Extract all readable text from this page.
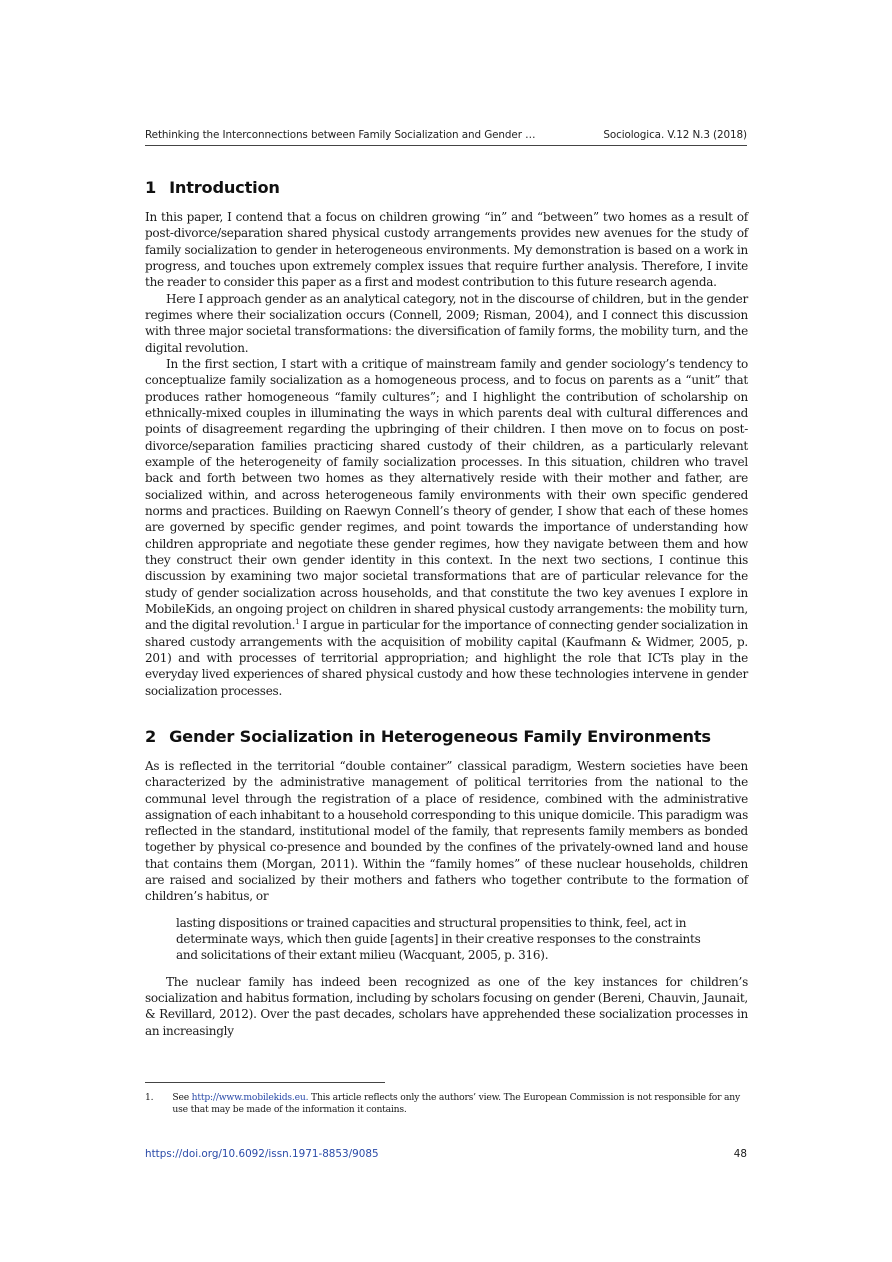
Rethinking the Interconnections between Family Socialization and Gender …	Sociologica. V.12 N.3 (2018)
1 Introduction

In this paper, I contend that a focus on children growing “in” and “between” two homes as a result of post-divorce/separation shared physical custody arrangements provides new avenues for the study of family socialization to gender in heterogeneous environments. My demonstration is based on a work in progress, and touches upon extremely complex issues that require further analysis. Therefore, I invite the reader to consider this paper as a first and modest contribution to this future research agenda.

Here I approach gender as an analytical category, not in the discourse of children, but in the gender regimes where their socialization occurs (Connell, 2009; Risman, 2004), and I connect this discussion with three major societal transformations: the diversification of family forms, the mobility turn, and the digital revolution.

In the first section, I start with a critique of mainstream family and gender sociology’s tendency to conceptualize family socialization as a homogeneous process, and to focus on parents as a “unit” that produces rather homogeneous “family cultures”; and I highlight the contribution of scholarship on ethnically-mixed couples in illuminating the ways in which parents deal with cultural differences and points of disagreement regarding the upbringing of their children. I then move on to focus on post-divorce/separation families practicing shared custody of their children, as a particularly relevant example of the heterogeneity of family socialization processes. In this situation, children who travel back and forth between two homes as they alternatively reside with their mother and father, are socialized within, and across heterogeneous family environments with their own specific gendered norms and practices. Building on Raewyn Connell’s theory of gender, I show that each of these homes are governed by specific gender regimes, and point towards the importance of understanding how children appropriate and negotiate these gender regimes, how they navigate between them and how they construct their own gender identity in this context. In the next two sections, I continue this discussion by examining two major societal transformations that are of particular relevance for the study of gender socialization across households, and that constitute the two key avenues I explore in MobileKids, an ongoing project on children in shared physical custody arrangements: the mobility turn, and the digital revolution.$^1$ I argue in particular for the importance of connecting gender socialization in shared custody arrangements with the acquisition of mobility capital (Kaufmann & Widmer, 2005, p. 201) and with processes of territorial appropriation; and highlight the role that ICTs play in the everyday lived experiences of shared physical custody and how these technologies intervene in gender socialization processes.

2 Gender Socialization in Heterogeneous Family Environments

As is reflected in the territorial “double container” classical paradigm, Western societies have been characterized by the administrative management of political territories from the national to the communal level through the registration of a place of residence, combined with the administrative assignation of each inhabitant to a household corresponding to this unique domicile. This paradigm was reflected in the standard, institutional model of the family, that represents family members as bonded together by physical co-presence and bounded by the confines of the privately-owned land and house that contains them (Morgan, 2011). Within the “family homes” of these nuclear households, children are raised and socialized by their mothers and fathers who together contribute to the formation of children’s habitus, or

lasting dispositions or trained capacities and structural propensities to think, feel, act in determinate ways, which then guide [agents] in their creative responses to the constraints and solicitations of their extant milieu (Wacquant, 2005, p. 316).

The nuclear family has indeed been recognized as one of the key instances for children’s socialization and habitus formation, including by scholars focusing on gender (Bereni, Chauvin, Jaunait, & Revillard, 2012). Over the past decades, scholars have apprehended these socialization processes in an increasingly

1. See http://www.mobilekids.eu. This article reflects only the authors’ view. The European Commission is not responsible for any use that may be made of the information it contains.
https://doi.org/10.6092/issn.1971-8853/9085	48
